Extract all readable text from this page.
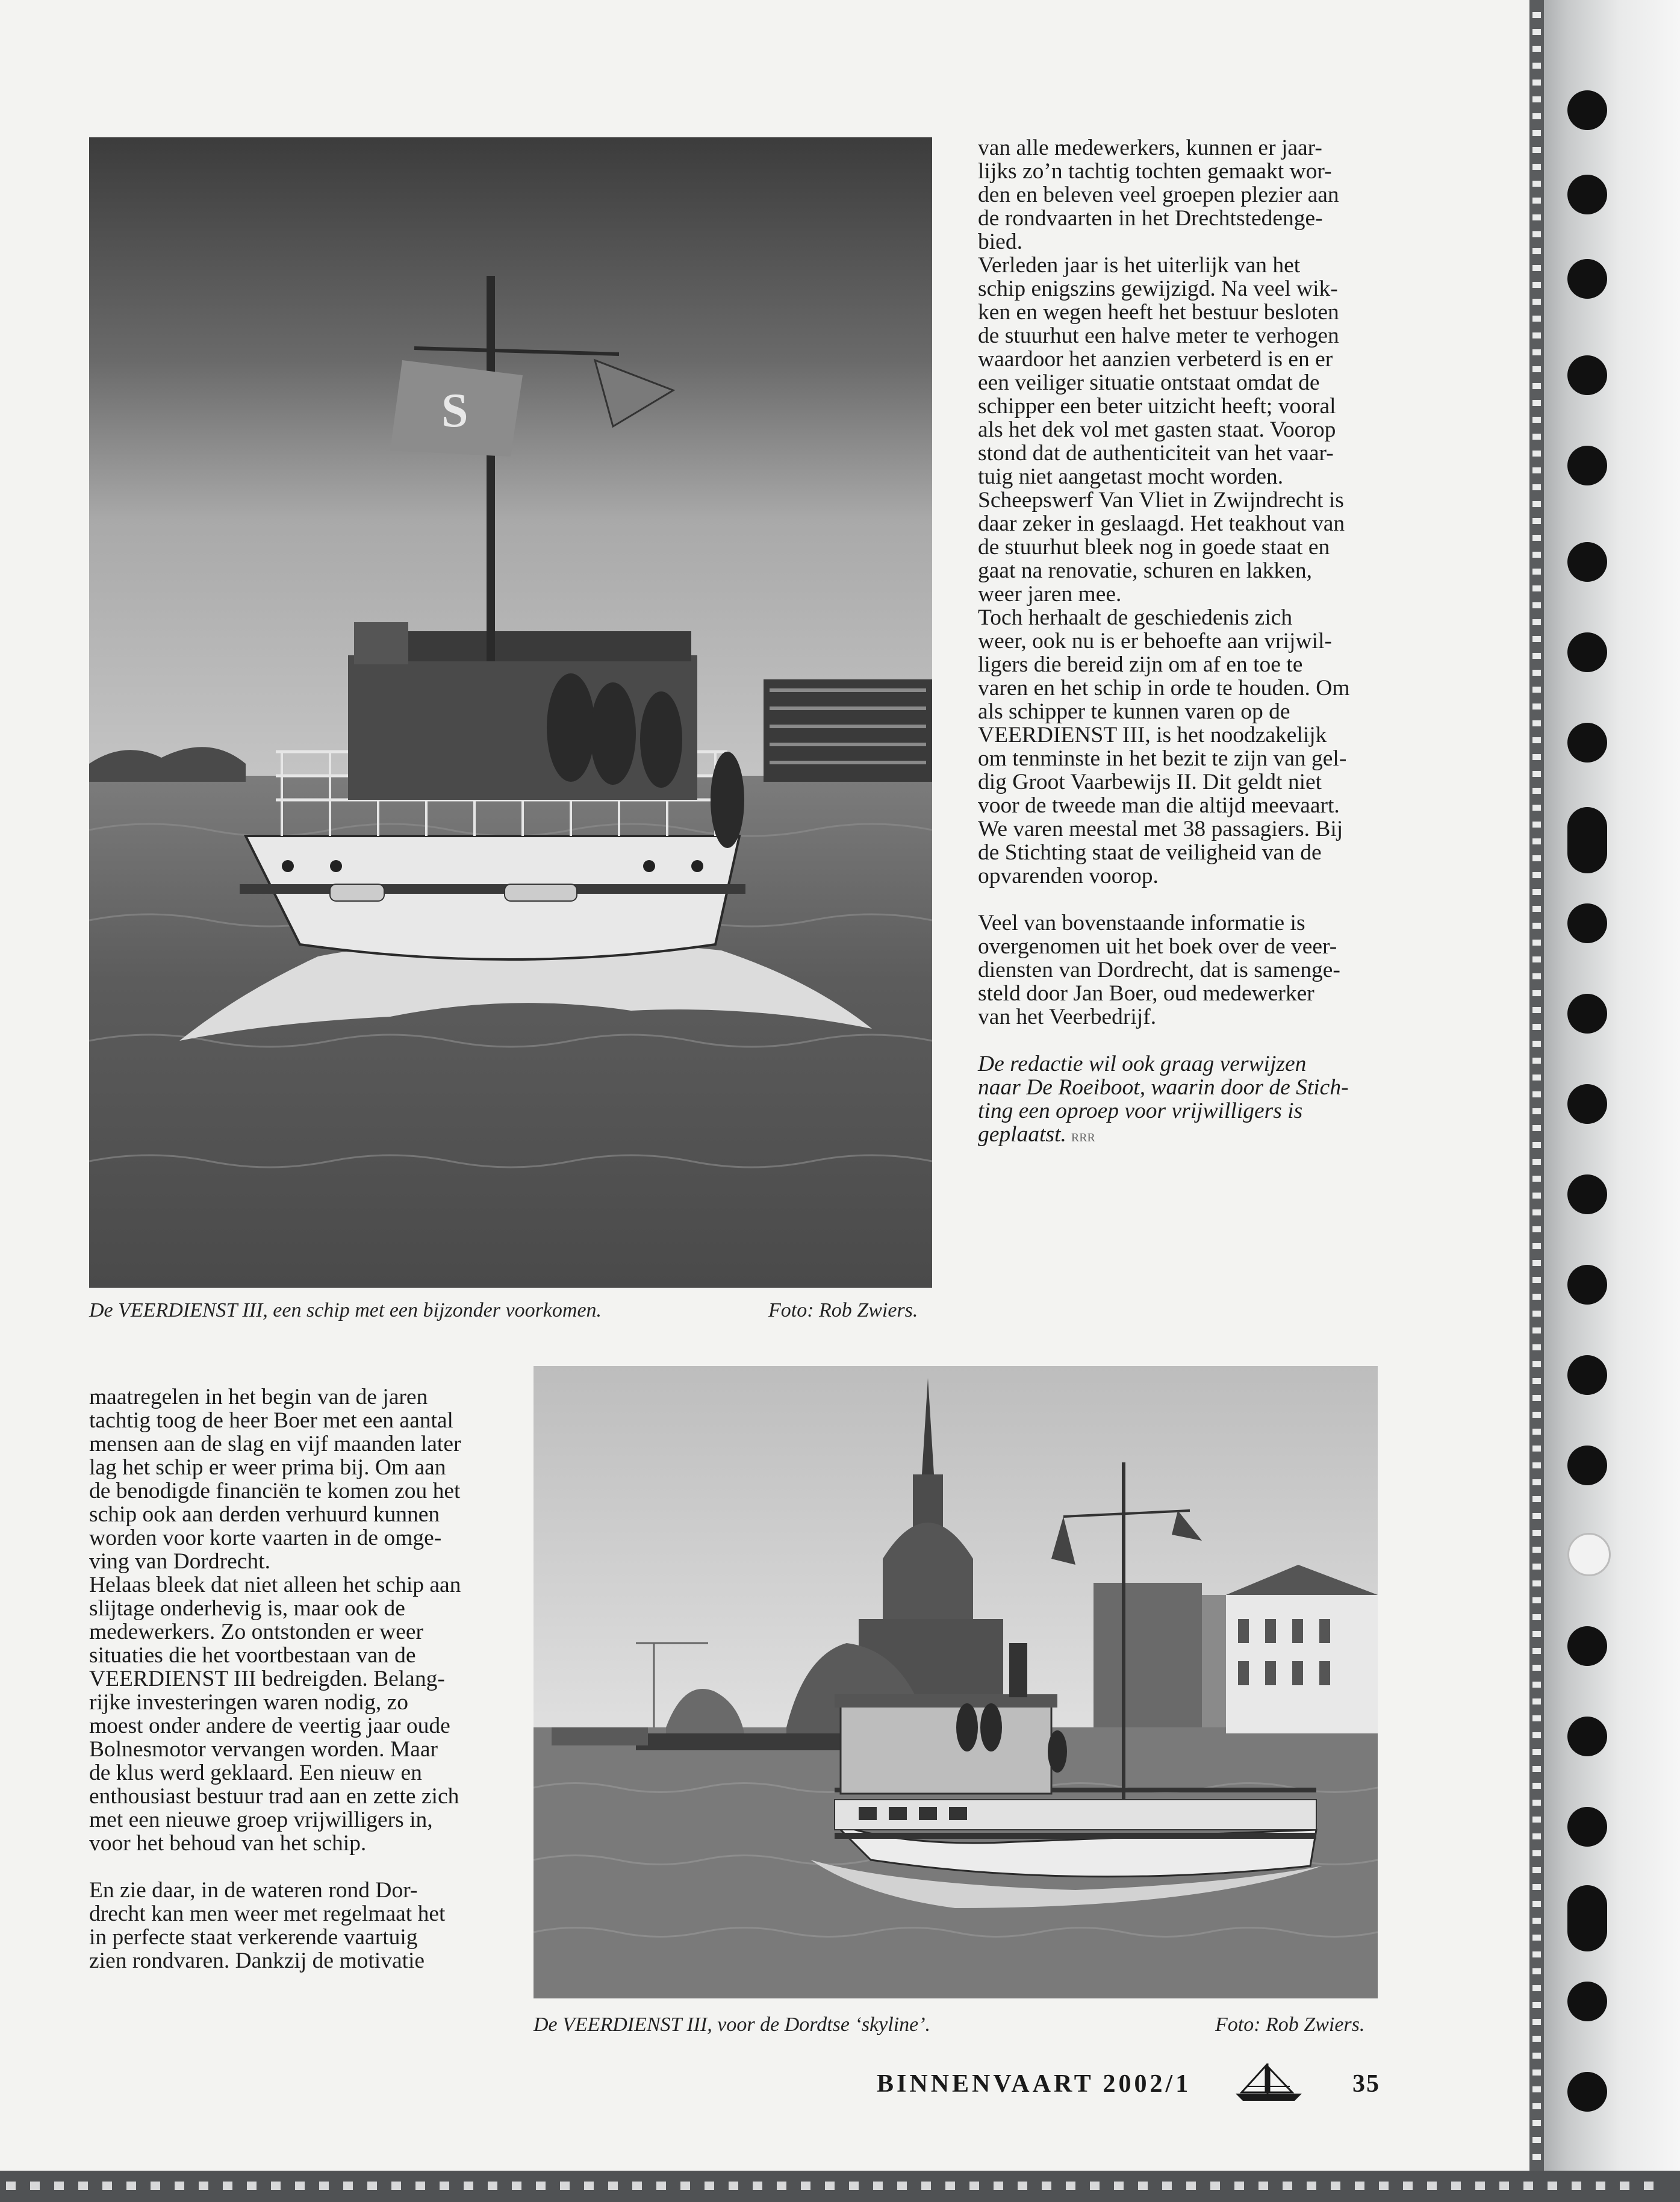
S
De VEERDIENST III, een schip met een bijzonder voorkomen.	Foto: Rob Zwiers.
De VEERDIENST III, voor de Dordtse ‘skyline’.	Foto: Rob Zwiers.

van alle medewerkers, kunnen er jaar-

lijks zo’n tachtig tochten gemaakt wor-

den en beleven veel groepen plezier aan

de rondvaarten in het Drechtstedenge-

bied.

Verleden jaar is het uiterlijk van het

schip enigszins gewijzigd. Na veel wik-

ken en wegen heeft het bestuur besloten

de stuurhut een halve meter te verhogen

waardoor het aanzien verbeterd is en er

een veiliger situatie ontstaat omdat de

schipper een beter uitzicht heeft; vooral

als het dek vol met gasten staat. Voorop

stond dat de authenticiteit van het vaar-

tuig niet aangetast mocht worden.

Scheepswerf Van Vliet in Zwijndrecht is

daar zeker in geslaagd. Het teakhout van

de stuurhut bleek nog in goede staat en

gaat na renovatie, schuren en lakken,

weer jaren mee.

Toch herhaalt de geschiedenis zich

weer, ook nu is er behoefte aan vrijwil-

ligers die bereid zijn om af en toe te

varen en het schip in orde te houden. Om

als schipper te kunnen varen op de

VEERDIENST III, is het noodzakelijk

om tenminste in het bezit te zijn van gel-

dig Groot Vaarbewijs II. Dit geldt niet

voor de tweede man die altijd meevaart.

We varen meestal met 38 passagiers. Bij

de Stichting staat de veiligheid van de

opvarenden voorop.

Veel van bovenstaande informatie is

overgenomen uit het boek over de veer-

diensten van Dordrecht, dat is samenge-

steld door Jan Boer, oud medewerker

van het Veerbedrijf.

De redactie wil ook graag verwijzen

naar De Roeiboot, waarin door de Stich-

ting een oproep voor vrijwilligers is

geplaatst. RRR

maatregelen in het begin van de jaren

tachtig toog de heer Boer met een aantal

mensen aan de slag en vijf maanden later

lag het schip er weer prima bij. Om aan

de benodigde financiën te komen zou het

schip ook aan derden verhuurd kunnen

worden voor korte vaarten in de omge-

ving van Dordrecht.

Helaas bleek dat niet alleen het schip aan

slijtage onderhevig is, maar ook de

medewerkers. Zo ontstonden er weer

situaties die het voortbestaan van de

VEERDIENST III bedreigden. Belang-

rijke investeringen waren nodig, zo

moest onder andere de veertig jaar oude

Bolnesmotor vervangen worden. Maar

de klus werd geklaard. Een nieuw en

enthousiast bestuur trad aan en zette zich

met een nieuwe groep vrijwilligers in,

voor het behoud van het schip.

En zie daar, in de wateren rond Dor-

drecht kan men weer met regelmaat het

in perfecte staat verkerende vaartuig

zien rondvaren. Dankzij de motivatie

BINNENVAART 2002/1	35
